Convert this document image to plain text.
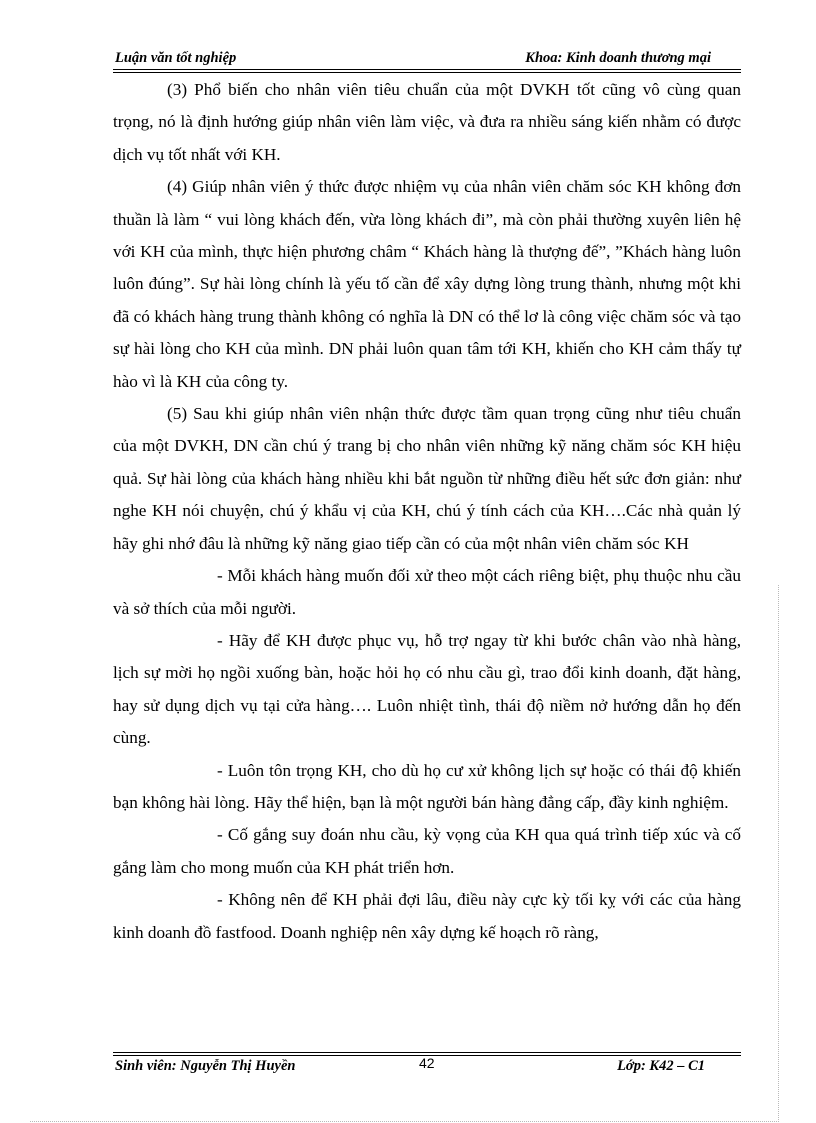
Luận văn tốt nghiệp	Khoa: Kinh doanh thương mại

(3) Phổ biến cho nhân viên tiêu chuẩn của một DVKH tốt cũng vô cùng quan trọng, nó là định hướng giúp nhân viên làm việc, và đưa ra nhiều sáng kiến nhằm có được dịch vụ tốt nhất với KH.

(4) Giúp nhân viên ý thức được nhiệm vụ của nhân viên chăm sóc KH không đơn thuần là làm “ vui lòng khách đến, vừa lòng khách đi”, mà còn phải thường xuyên liên hệ với KH của mình, thực hiện phương châm “ Khách hàng là thượng đế”, ”Khách hàng luôn luôn đúng”. Sự hài lòng chính là yếu tố cần để xây dựng lòng trung thành, nhưng một khi đã có khách hàng trung thành không có nghĩa là DN có thể lơ là công việc chăm sóc và tạo sự hài lòng cho KH của mình. DN phải luôn quan tâm tới KH, khiến cho KH cảm thấy tự hào vì là KH của công ty.

(5) Sau khi giúp nhân viên nhận thức được tầm quan trọng cũng như tiêu chuẩn của một DVKH, DN cần chú ý trang bị cho nhân viên những kỹ năng chăm sóc KH hiệu quả. Sự hài lòng của khách hàng nhiều khi bắt nguồn từ những điều hết sức đơn giản: như nghe KH nói chuyện, chú ý khẩu vị của KH, chú ý tính cách của KH….Các nhà quản lý hãy ghi nhớ đâu là những kỹ năng giao tiếp cần có của một nhân viên chăm sóc KH

- Mỗi khách hàng muốn đối xử theo một cách riêng biệt, phụ thuộc nhu cầu và sở thích của mỗi người.

- Hãy để KH được phục vụ, hỗ trợ ngay từ khi bước chân vào nhà hàng, lịch sự mời họ ngồi xuống bàn, hoặc hỏi họ có nhu cầu gì, trao đổi kinh doanh, đặt hàng, hay sử dụng dịch vụ tại cửa hàng…. Luôn nhiệt tình, thái độ niềm nở hướng dẫn họ đến cùng.

- Luôn tôn trọng KH, cho dù họ cư xử không lịch sự hoặc có thái độ khiến bạn không hài lòng. Hãy thể hiện, bạn là một người bán hàng đẳng cấp, đầy kinh nghiệm.

- Cố gắng suy đoán nhu cầu, kỳ vọng của KH qua quá trình tiếp xúc và cố gắng làm cho mong muốn của KH phát triển hơn.

- Không nên để KH phải đợi lâu, điều này cực kỳ tối kỵ với các của hàng kinh doanh đồ fastfood. Doanh nghiệp nên xây dựng kế hoạch rõ ràng,

Sinh viên: Nguyễn Thị Huyền	42	Lớp: K42 – C1
